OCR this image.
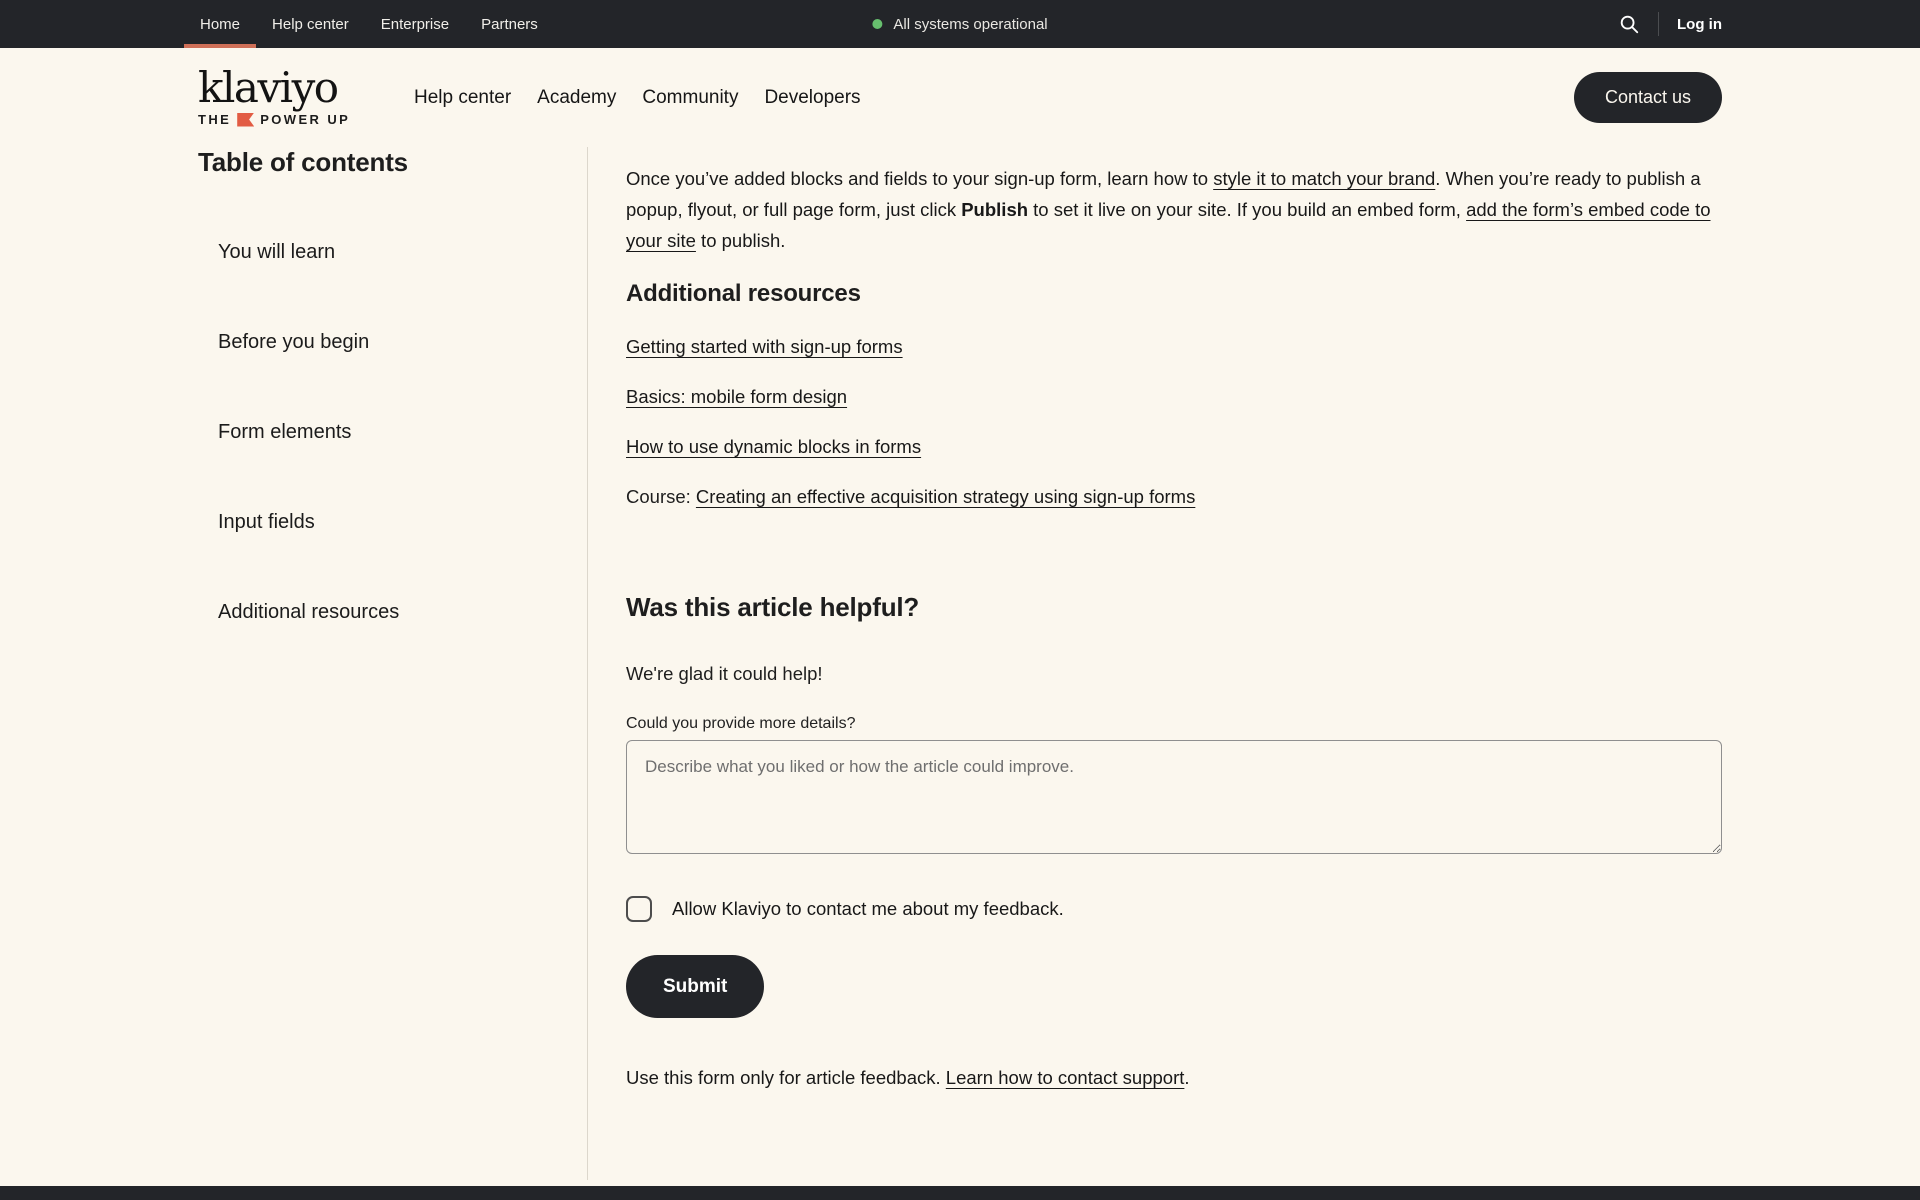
Home Help center Enterprise Partners	All systems operational	Log in
klaviyo
THE POWER UP
Help center Academy Community Developers	Contact us
Table of contents
You will learn
Before you begin
Form elements
Input fields
Additional resources

Once you’ve added blocks and fields to your sign-up form, learn how to style it to match your brand. When you’re ready to publish a popup, flyout, or full page form, just click Publish to set it live on your site. If you build an embed form, add the form’s embed code to your site to publish.

Additional resources
Getting started with sign-up forms
Basics: mobile form design
How to use dynamic blocks in forms
Course: Creating an effective acquisition strategy using sign-up forms
Was this article helpful?

We're glad it could help!

Could you provide more details?
Describe what you liked or how the article could improve.
Allow Klaviyo to contact me about my feedback.
Submit

Use this form only for article feedback. Learn how to contact support.
